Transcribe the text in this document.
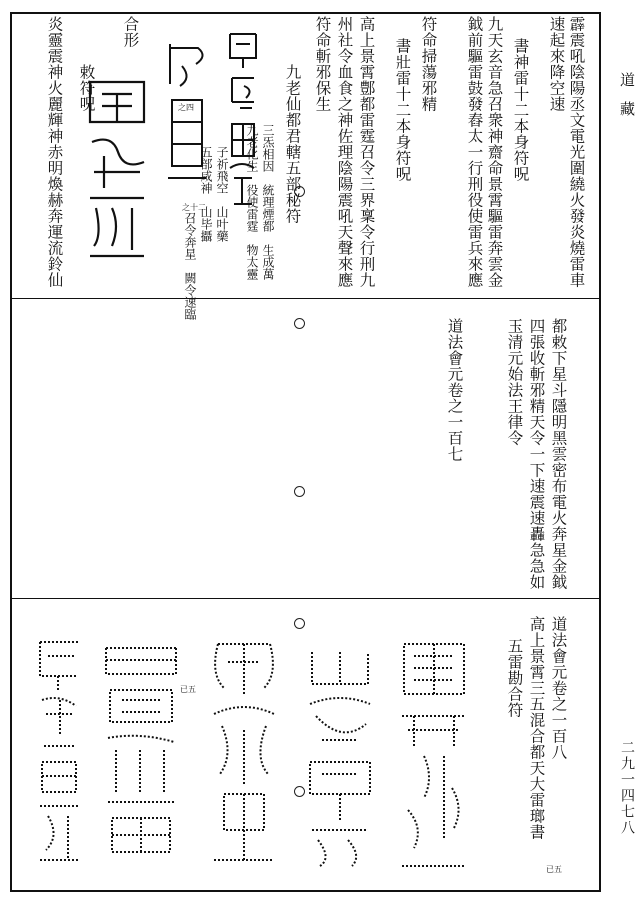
道藏
二九一四七八
霹震吼陰陽丞文電光圍繞火發炎燒雷車
速起來降空速
書神雷十二本身符呪
九天玄音急召衆神齋命景霄驅雷奔雲金
鉞前驅雷鼓發舂太一行刑役使雷兵來應
符命掃蕩邪精
書壯雷十二本身符呪
高上景霄鄷都雷霆召令三界稟令行刑九
州社令血食之神佐理陰陽震吼天聲來應
符命斬邪保生
九老仙都君轄五部秘符
三炁相因　統理煙都　生成萬
九老化生　役使雷霆　物太靈
子祈飛空　山叶藥
五部咸神　山毕攝
召令奔星　闕令速臨
合形
敕符呪
炎靈震神火麗輝神赤明煥赫奔運流鈴仙	之四
之十二
都敕下星斗隱明黑雲密布電火奔星金鉞
四張收斬邪精天令一下速震速轟急急如
玉清元始法王律令
道法會元卷之一百七
道法會元卷之一百八
高上景霄三五混合都天大雷瑯書
五雷勘合符
已五
已五
